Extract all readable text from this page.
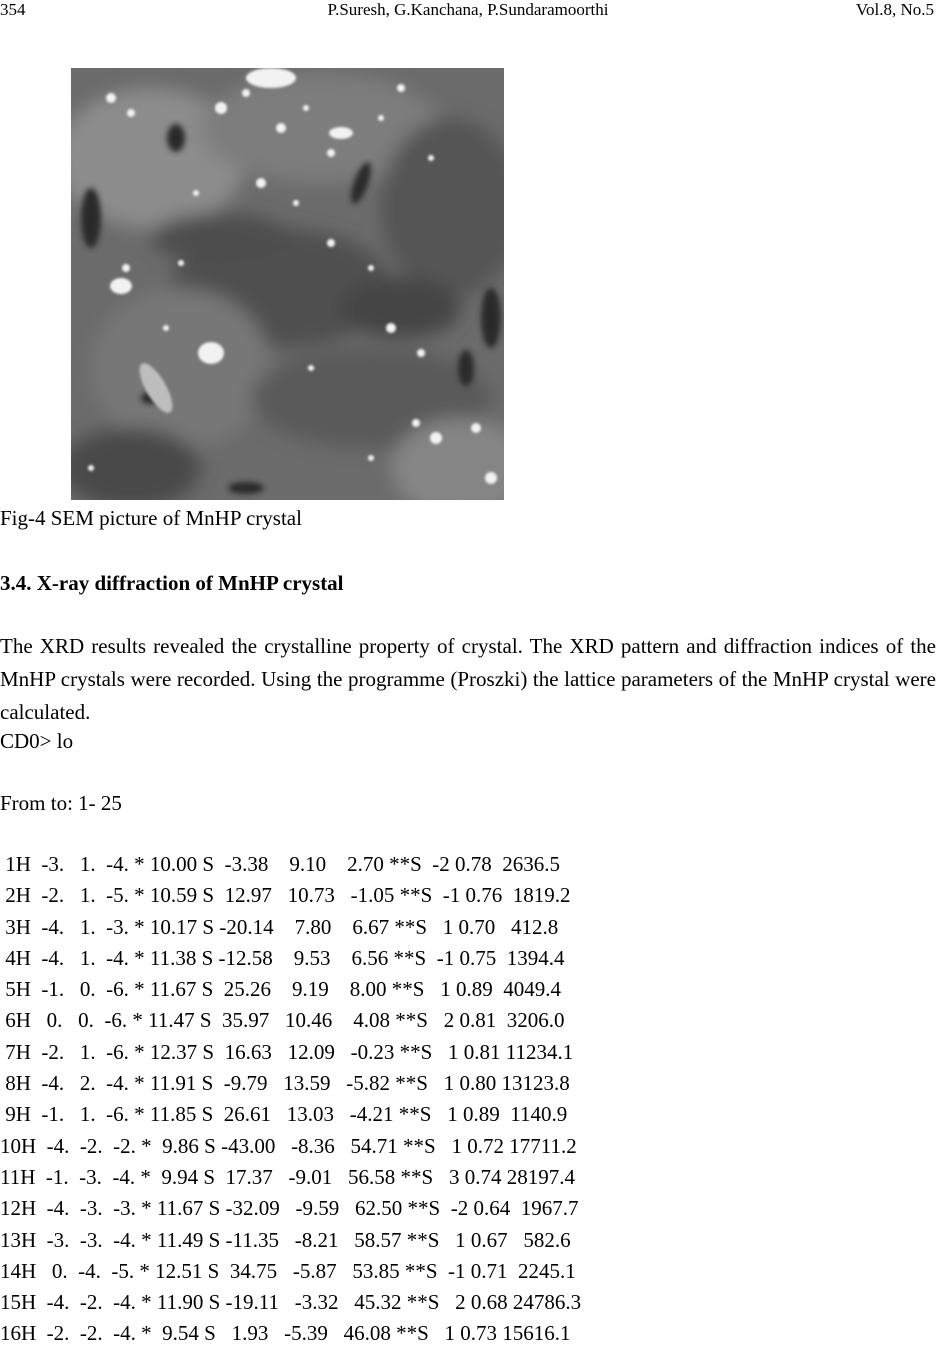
354	P.Suresh, G.Kanchana, P.Sundaramoorthi	Vol.8, No.5
Fig-4 SEM picture of MnHP crystal
3.4. X-ray diffraction of MnHP crystal

The XRD results revealed the crystalline property of crystal. The XRD pattern and diffraction indices of the MnHP crystals were recorded. Using the programme (Proszki) the lattice parameters of the MnHP crystal were calculated.

CD0> lo
From to: 1- 25
1H  -3.   1.  -4. * 10.00 S  -3.38    9.10    2.70 **S  -2 0.78  2636.5
2H  -2.   1.  -5. * 10.59 S  12.97   10.73   -1.05 **S  -1 0.76  1819.2
3H  -4.   1.  -3. * 10.17 S -20.14    7.80    6.67 **S   1 0.70   412.8
4H  -4.   1.  -4. * 11.38 S -12.58    9.53    6.56 **S  -1 0.75  1394.4
5H  -1.   0.  -6. * 11.67 S  25.26    9.19    8.00 **S   1 0.89  4049.4
6H   0.   0.  -6. * 11.47 S  35.97   10.46    4.08 **S   2 0.81  3206.0
7H  -2.   1.  -6. * 12.37 S  16.63   12.09   -0.23 **S   1 0.81 11234.1
8H  -4.   2.  -4. * 11.91 S  -9.79   13.59   -5.82 **S   1 0.80 13123.8
9H  -1.   1.  -6. * 11.85 S  26.61   13.03   -4.21 **S   1 0.89  1140.9
10H  -4.  -2.  -2. *  9.86 S -43.00   -8.36   54.71 **S   1 0.72 17711.2
11H  -1.  -3.  -4. *  9.94 S  17.37   -9.01   56.58 **S   3 0.74 28197.4
12H  -4.  -3.  -3. * 11.67 S -32.09   -9.59   62.50 **S  -2 0.64  1967.7
13H  -3.  -3.  -4. * 11.49 S -11.35   -8.21   58.57 **S   1 0.67   582.6
14H   0.  -4.  -5. * 12.51 S  34.75   -5.87   53.85 **S  -1 0.71  2245.1
15H  -4.  -2.  -4. * 11.90 S -19.11   -3.32   45.32 **S   2 0.68 24786.3
16H  -2.  -2.  -4. *  9.54 S   1.93   -5.39   46.08 **S   1 0.73 15616.1
